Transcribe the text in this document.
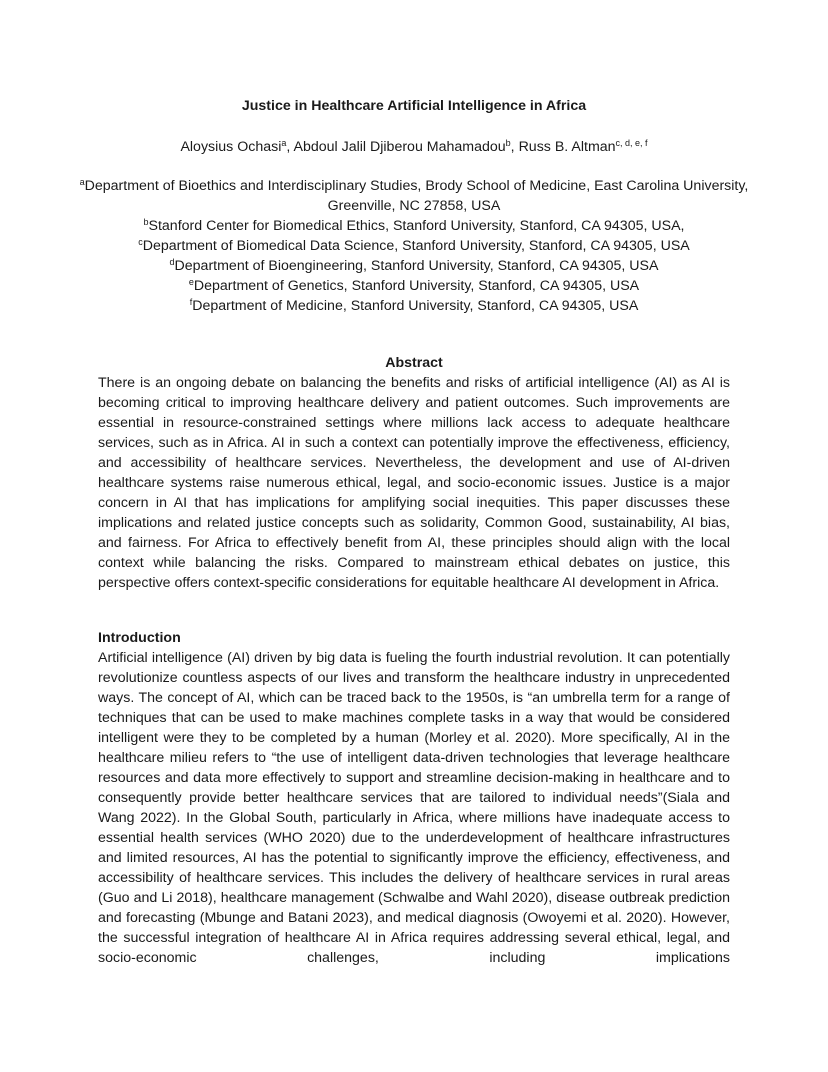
Justice in Healthcare Artificial Intelligence in Africa
Aloysius Ochasi$^a$, Abdoul Jalil Djiberou Mahamadou$^b$, Russ B. Altman$^{c, d, e, f}$
$^a$Department of Bioethics and Interdisciplinary Studies, Brody School of Medicine, East Carolina University, Greenville, NC 27858, USA
$^b$Stanford Center for Biomedical Ethics, Stanford University, Stanford, CA 94305, USA,
$^c$Department of Biomedical Data Science, Stanford University, Stanford, CA 94305, USA
$^d$Department of Bioengineering, Stanford University, Stanford, CA 94305, USA
$^e$Department of Genetics, Stanford University, Stanford, CA 94305, USA
$^f$Department of Medicine, Stanford University, Stanford, CA 94305, USA
Abstract
There is an ongoing debate on balancing the benefits and risks of artificial intelligence (AI) as AI is becoming critical to improving healthcare delivery and patient outcomes. Such improvements are essential in resource-constrained settings where millions lack access to adequate healthcare services, such as in Africa. AI in such a context can potentially improve the effectiveness, efficiency, and accessibility of healthcare services. Nevertheless, the development and use of AI-driven healthcare systems raise numerous ethical, legal, and socio-economic issues. Justice is a major concern in AI that has implications for amplifying social inequities. This paper discusses these implications and related justice concepts such as solidarity, Common Good, sustainability, AI bias, and fairness. For Africa to effectively benefit from AI, these principles should align with the local context while balancing the risks. Compared to mainstream ethical debates on justice, this perspective offers context-specific considerations for equitable healthcare AI development in Africa.
Introduction
Artificial intelligence (AI) driven by big data is fueling the fourth industrial revolution. It can potentially revolutionize countless aspects of our lives and transform the healthcare industry in unprecedented ways. The concept of AI, which can be traced back to the 1950s, is “an umbrella term for a range of techniques that can be used to make machines complete tasks in a way that would be considered intelligent were they to be completed by a human (Morley et al. 2020). More specifically, AI in the healthcare milieu refers to “the use of intelligent data-driven technologies that leverage healthcare resources and data more effectively to support and streamline decision-making in healthcare and to consequently provide better healthcare services that are tailored to individual needs”(Siala and Wang 2022). In the Global South, particularly in Africa, where millions have inadequate access to essential health services (WHO 2020) due to the underdevelopment of healthcare infrastructures and limited resources, AI has the potential to significantly improve the efficiency, effectiveness, and accessibility of healthcare services. This includes the delivery of healthcare services in rural areas (Guo and Li 2018), healthcare management (Schwalbe and Wahl 2020), disease outbreak prediction and forecasting (Mbunge and Batani 2023), and medical diagnosis (Owoyemi et al. 2020). However, the successful integration of healthcare AI in Africa requires addressing several ethical, legal, and socio-economic challenges, including implications
